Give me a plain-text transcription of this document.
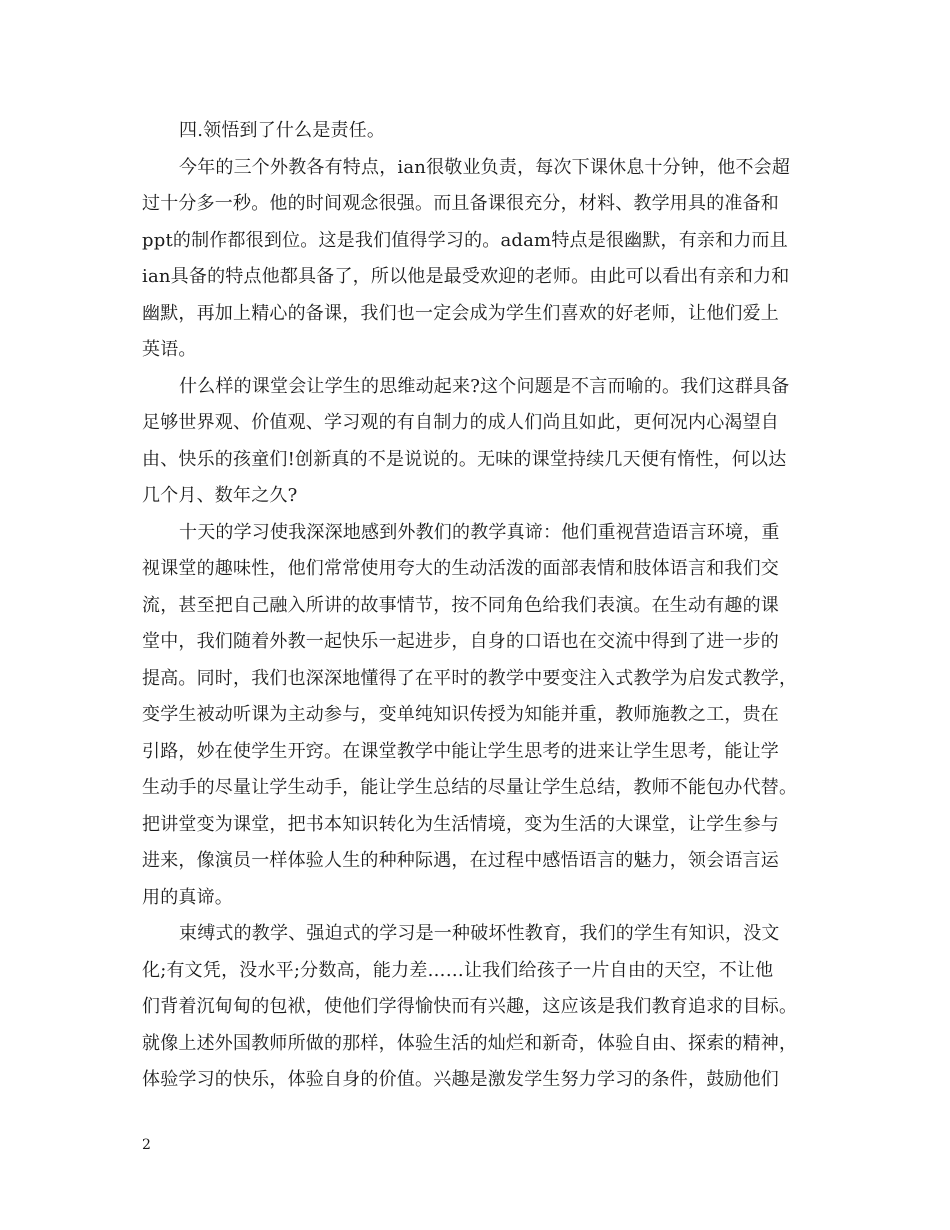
四.领悟到了什么是责任。
今年的三个外教各有特点，ian很敬业负责，每次下课休息十分钟，他不会超
过十分多一秒。他的时间观念很强。而且备课很充分，材料、教学用具的准备和
ppt的制作都很到位。这是我们值得学习的。adam特点是很幽默，有亲和力而且
ian具备的特点他都具备了，所以他是最受欢迎的老师。由此可以看出有亲和力和
幽默，再加上精心的备课，我们也一定会成为学生们喜欢的好老师，让他们爱上
英语。
什么样的课堂会让学生的思维动起来?这个问题是不言而喻的。我们这群具备
足够世界观、价值观、学习观的有自制力的成人们尚且如此，更何况内心渴望自
由、快乐的孩童们!创新真的不是说说的。无味的课堂持续几天便有惰性，何以达
几个月、数年之久?
十天的学习使我深深地感到外教们的教学真谛：他们重视营造语言环境，重
视课堂的趣味性，他们常常使用夸大的生动活泼的面部表情和肢体语言和我们交
流，甚至把自己融入所讲的故事情节，按不同角色给我们表演。在生动有趣的课
堂中，我们随着外教一起快乐一起进步，自身的口语也在交流中得到了进一步的
提高。同时，我们也深深地懂得了在平时的教学中要变注入式教学为启发式教学，
变学生被动听课为主动参与，变单纯知识传授为知能并重，教师施教之工，贵在
引路，妙在使学生开窍。在课堂教学中能让学生思考的进来让学生思考，能让学
生动手的尽量让学生动手，能让学生总结的尽量让学生总结，教师不能包办代替。
把讲堂变为课堂，把书本知识转化为生活情境，变为生活的大课堂，让学生参与
进来，像演员一样体验人生的种种际遇，在过程中感悟语言的魅力，领会语言运
用的真谛。
束缚式的教学、强迫式的学习是一种破坏性教育，我们的学生有知识，没文
化;有文凭，没水平;分数高，能力差……让我们给孩子一片自由的天空，不让他
们背着沉甸甸的包袱，使他们学得愉快而有兴趣，这应该是我们教育追求的目标。
就像上述外国教师所做的那样，体验生活的灿烂和新奇，体验自由、探索的精神，
体验学习的快乐，体验自身的价值。兴趣是激发学生努力学习的条件，鼓励他们
2
